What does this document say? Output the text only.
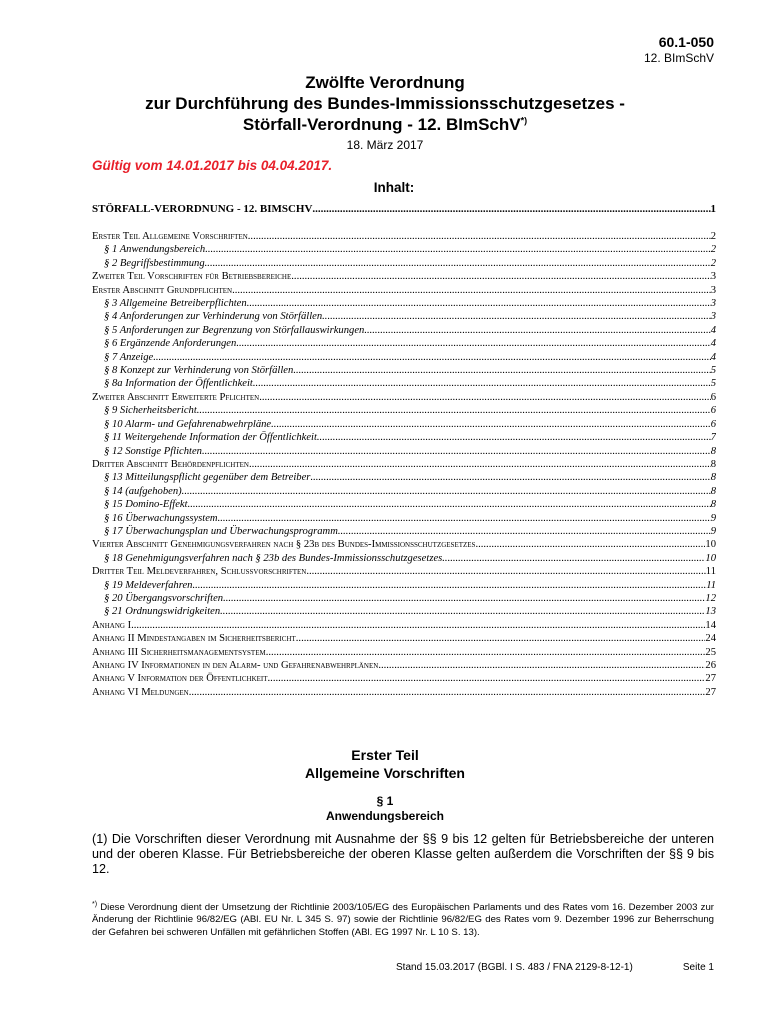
60.1-050
12. BImSchV
Zwölfte Verordnung
zur Durchführung des Bundes-Immissionsschutzgesetzes -
Störfall-Verordnung - 12. BImSchV*)
18. März 2017
Gültig vom 14.01.2017 bis 04.04.2017.
Inhalt:
STÖRFALL-VERORDNUNG - 12. BIMSCHV .....	1
Erster Teil Allgemeine Vorschriften .....	2
§ 1 Anwendungsbereich .....	2
§ 2 Begriffsbestimmung .....	2
Zweiter Teil Vorschriften für Betriebsbereiche .....	3
Erster Abschnitt Grundpflichten .....	3
§ 3 Allgemeine Betreiberpflichten .....	3
§ 4 Anforderungen zur Verhinderung von Störfällen .....	3
§ 5 Anforderungen zur Begrenzung von Störfallauswirkungen .....	4
§ 6 Ergänzende Anforderungen .....	4
§ 7 Anzeige .....	4
§ 8 Konzept zur Verhinderung von Störfällen .....	5
§ 8a Information der Öffentlichkeit .....	5
Zweiter Abschnitt Erweiterte Pflichten .....	6
§ 9 Sicherheitsbericht .....	6
§ 10 Alarm- und Gefahrenabwehrpläne .....	6
§ 11 Weitergehende Information der Öffentlichkeit .....	7
§ 12 Sonstige Pflichten .....	8
Dritter Abschnitt Behördenpflichten .....	8
§ 13 Mitteilungspflicht gegenüber dem Betreiber .....	8
§ 14 (aufgehoben) .....	8
§ 15 Domino-Effekt .....	8
§ 16 Überwachungssystem .....	9
§ 17 Überwachungsplan und Überwachungsprogramm .....	9
Vierter Abschnitt Genehmigungsverfahren nach § 23b des Bundes-Immissionsschutzgesetzes .....	10
§ 18 Genehmigungsverfahren nach § 23b des Bundes-Immissionsschutzgesetzes .....	10
Dritter Teil Meldeverfahren, Schlussvorschriften .....	11
§ 19 Meldeverfahren .....	11
§ 20 Übergangsvorschriften .....	12
§ 21 Ordnungswidrigkeiten .....	13
Anhang I .....	14
Anhang II Mindestangaben im Sicherheitsbericht .....	24
Anhang III Sicherheitsmanagementsystem .....	25
Anhang IV Informationen in den Alarm- und Gefahrenabwehrplänen .....	26
Anhang V Information der Öffentlichkeit .....	27
Anhang VI Meldungen .....	27
Erster Teil
Allgemeine Vorschriften
§ 1
Anwendungsbereich
(1) Die Vorschriften dieser Verordnung mit Ausnahme der §§ 9 bis 12 gelten für Betriebsbereiche der unteren und der oberen Klasse. Für Betriebsbereiche der oberen Klasse gelten außerdem die Vorschriften der §§ 9 bis 12.
*) Diese Verordnung dient der Umsetzung der Richtlinie 2003/105/EG des Europäischen Parlaments und des Rates vom 16. Dezember 2003 zur Änderung der Richtlinie 96/82/EG (ABl. EU Nr. L 345 S. 97) sowie der Richtlinie 96/82/EG des Rates vom 9. Dezember 1996 zur Beherrschung der Gefahren bei schweren Unfällen mit gefährlichen Stoffen (ABl. EG 1997 Nr. L 10 S. 13).
Stand 15.03.2017 (BGBl. I S. 483 / FNA 2129-8-12-1)	Seite 1
